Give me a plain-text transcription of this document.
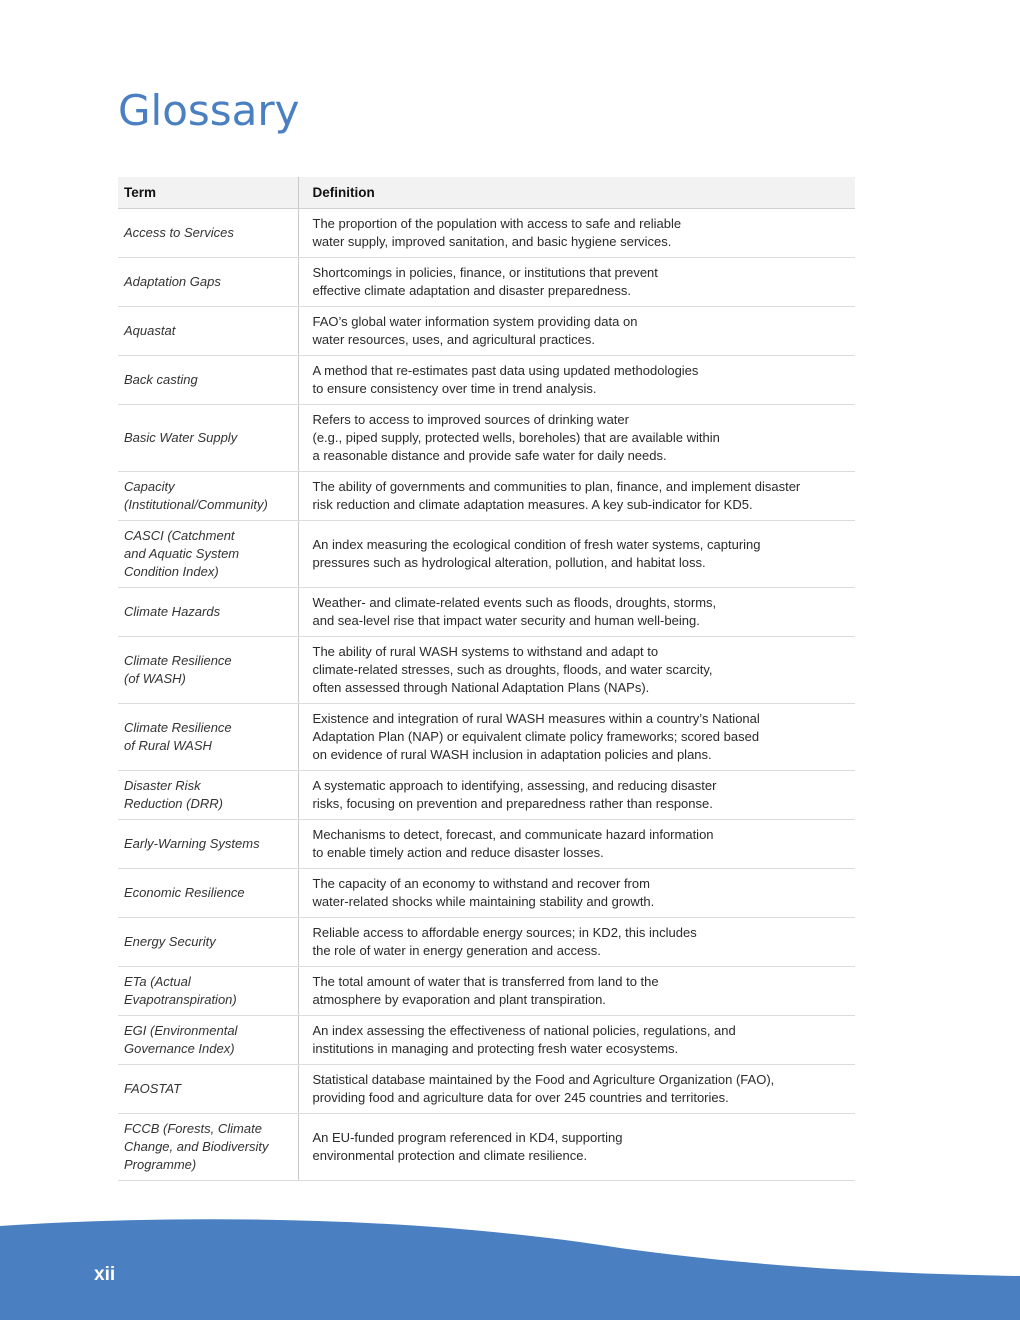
Glossary
Term	Definition
Access to Services	The proportion of the population with access to safe and reliable
water supply, improved sanitation, and basic hygiene services.
Adaptation Gaps	Shortcomings in policies, finance, or institutions that prevent
effective climate adaptation and disaster preparedness.
Aquastat	FAO’s global water information system providing data on
water resources, uses, and agricultural practices.
Back casting	A method that re-estimates past data using updated methodologies
to ensure consistency over time in trend analysis.
Basic Water Supply	Refers to access to improved sources of drinking water
(e.g., piped supply, protected wells, boreholes) that are available within
a reasonable distance and provide safe water for daily needs.
Capacity
(Institutional/Community)	The ability of governments and communities to plan, finance, and implement disaster
risk reduction and climate adaptation measures. A key sub-indicator for KD5.
CASCI (Catchment
and Aquatic System
Condition Index)	An index measuring the ecological condition of fresh water systems, capturing
pressures such as hydrological alteration, pollution, and habitat loss.
Climate Hazards	Weather- and climate-related events such as floods, droughts, storms,
and sea-level rise that impact water security and human well-being.
Climate Resilience
(of WASH)	The ability of rural WASH systems to withstand and adapt to
climate-related stresses, such as droughts, floods, and water scarcity,
often assessed through National Adaptation Plans (NAPs).
Climate Resilience
of Rural WASH	Existence and integration of rural WASH measures within a country’s National
Adaptation Plan (NAP) or equivalent climate policy frameworks; scored based
on evidence of rural WASH inclusion in adaptation policies and plans.
Disaster Risk
Reduction (DRR)	A systematic approach to identifying, assessing, and reducing disaster
risks, focusing on prevention and preparedness rather than response.
Early-Warning Systems	Mechanisms to detect, forecast, and communicate hazard information
to enable timely action and reduce disaster losses.
Economic Resilience	The capacity of an economy to withstand and recover from
water-related shocks while maintaining stability and growth.
Energy Security	Reliable access to affordable energy sources; in KD2, this includes
the role of water in energy generation and access.
ETa (Actual
Evapotranspiration)	The total amount of water that is transferred from land to the
atmosphere by evaporation and plant transpiration.
EGI (Environmental
Governance Index)	An index assessing the effectiveness of national policies, regulations, and
institutions in managing and protecting fresh water ecosystems.
FAOSTAT	Statistical database maintained by the Food and Agriculture Organization (FAO),
providing food and agriculture data for over 245 countries and territories.
FCCB (Forests, Climate
Change, and Biodiversity
Programme)	An EU-funded program referenced in KD4, supporting
environmental protection and climate resilience.
xii
